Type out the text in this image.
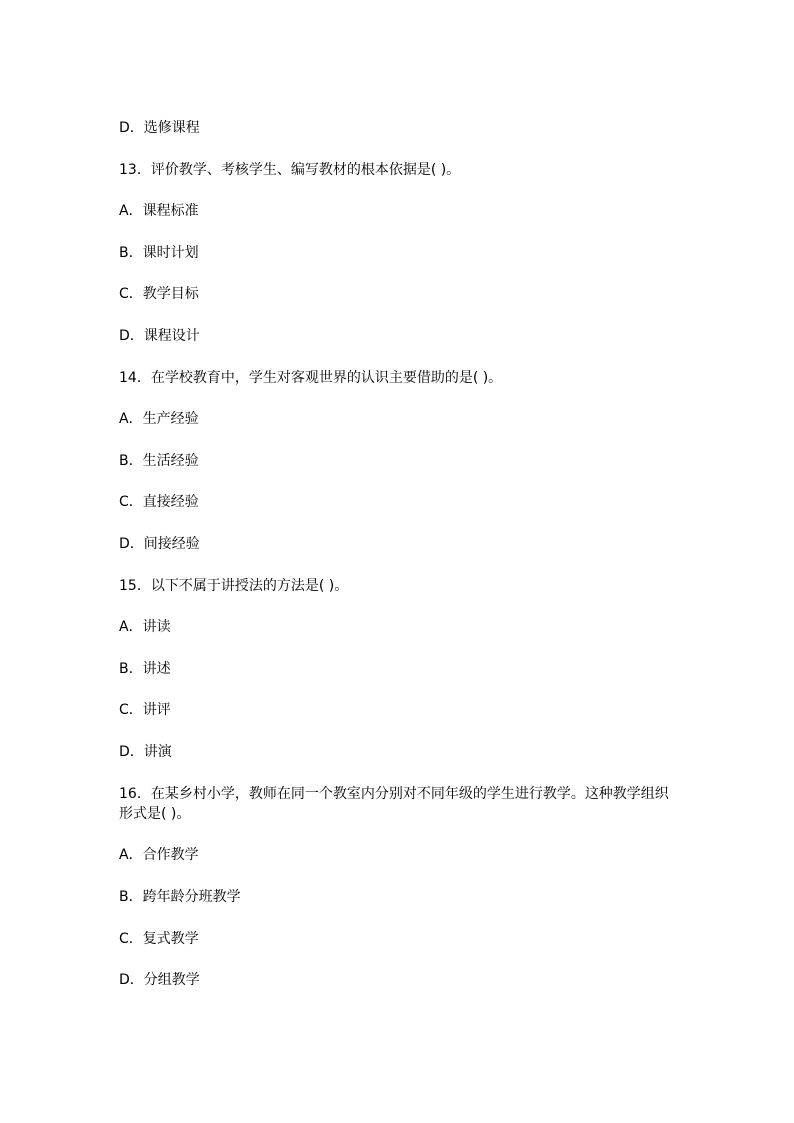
D．选修课程
13．评价教学、考核学生、编写教材的根本依据是( )。
A．课程标准
B．课时计划
C．教学目标
D．课程设计
14．在学校教育中，学生对客观世界的认识主要借助的是( )。
A．生产经验
B．生活经验
C．直接经验
D．间接经验
15．以下不属于讲授法的方法是( )。
A．讲读
B．讲述
C．讲评
D．讲演
16．在某乡村小学，教师在同一个教室内分别对不同年级的学生进行教学。这种教学组织
形式是( )。
A．合作教学
B．跨年龄分班教学
C．复式教学
D．分组教学
